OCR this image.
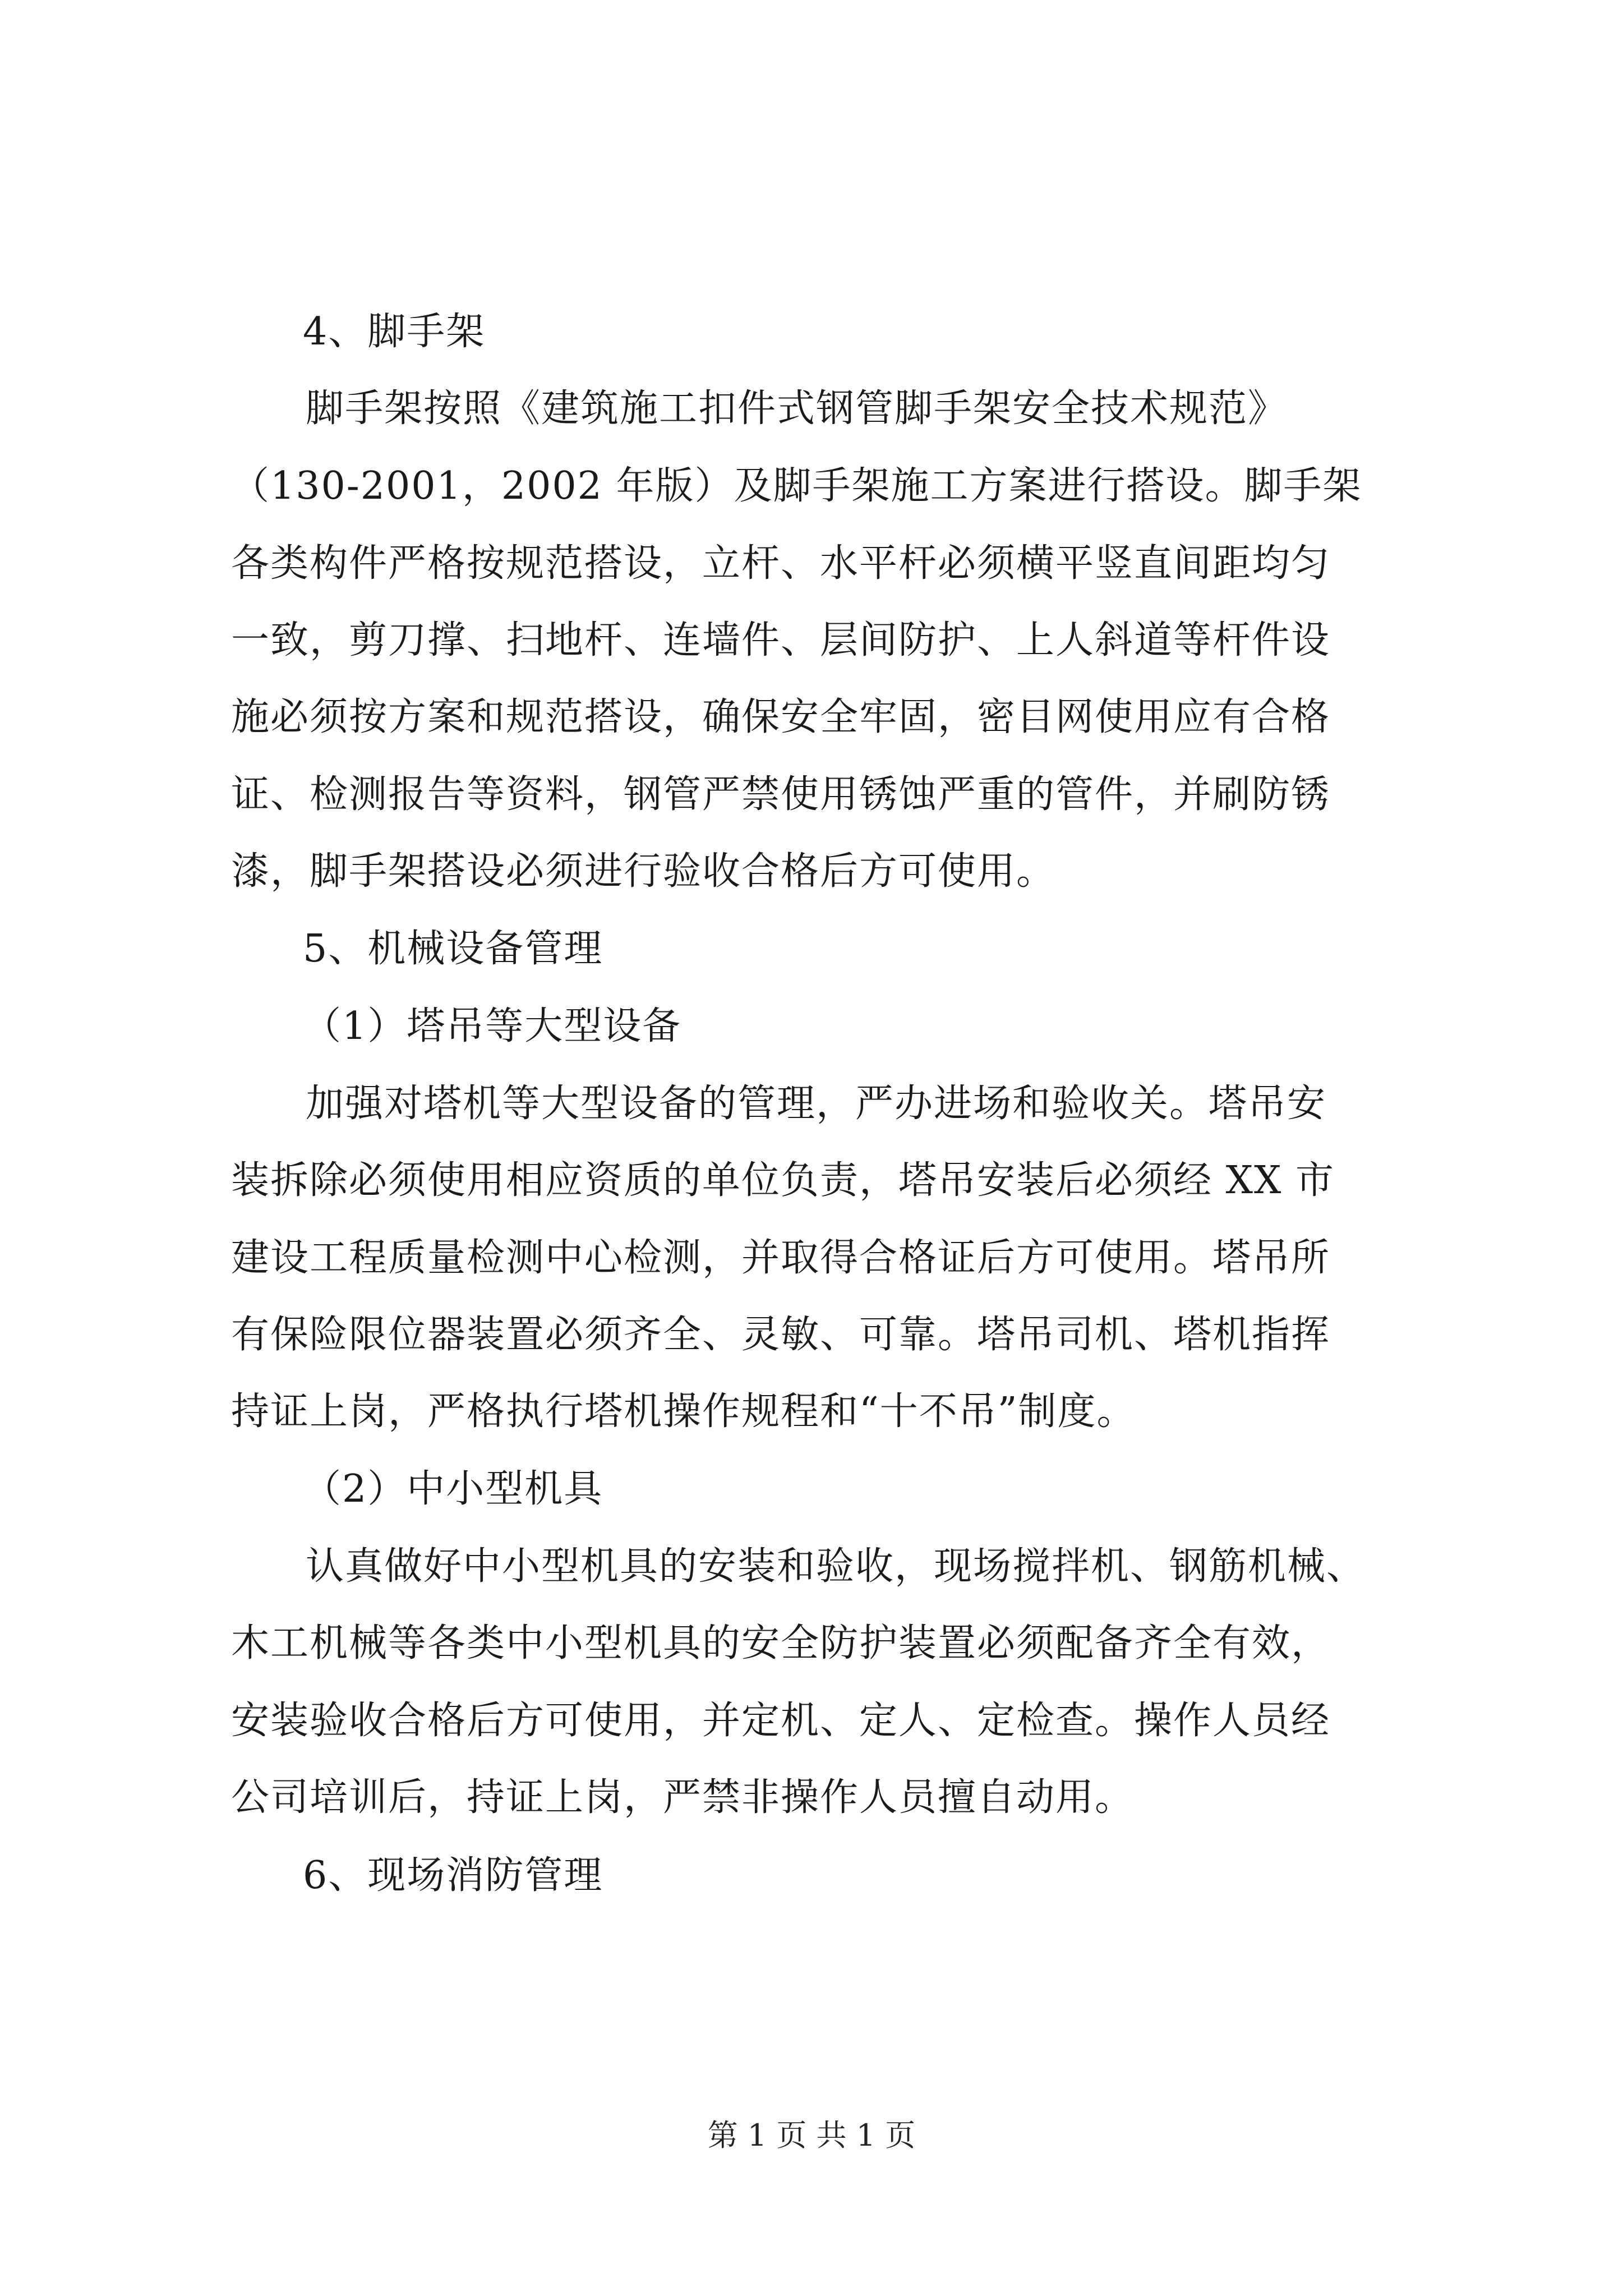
4、脚手架
脚手架按照《建筑施工扣件式钢管脚手架安全技术规范》
（130-2001，2002 年版）及脚手架施工方案进行搭设。脚手架
各类构件严格按规范搭设，立杆、水平杆必须横平竖直间距均匀
一致，剪刀撑、扫地杆、连墙件、层间防护、上人斜道等杆件设
施必须按方案和规范搭设，确保安全牢固，密目网使用应有合格
证、检测报告等资料，钢管严禁使用锈蚀严重的管件，并刷防锈
漆，脚手架搭设必须进行验收合格后方可使用。
5、机械设备管理
（1）塔吊等大型设备
加强对塔机等大型设备的管理，严办进场和验收关。塔吊安
装拆除必须使用相应资质的单位负责，塔吊安装后必须经 XX 市
建设工程质量检测中心检测，并取得合格证后方可使用。塔吊所
有保险限位器装置必须齐全、灵敏、可靠。塔吊司机、塔机指挥
持证上岗，严格执行塔机操作规程和“十不吊”制度。
（2）中小型机具
认真做好中小型机具的安装和验收，现场搅拌机、钢筋机械、
木工机械等各类中小型机具的安全防护装置必须配备齐全有效，
安装验收合格后方可使用，并定机、定人、定检查。操作人员经
公司培训后，持证上岗，严禁非操作人员擅自动用。
6、现场消防管理
第 1 页 共 1 页
